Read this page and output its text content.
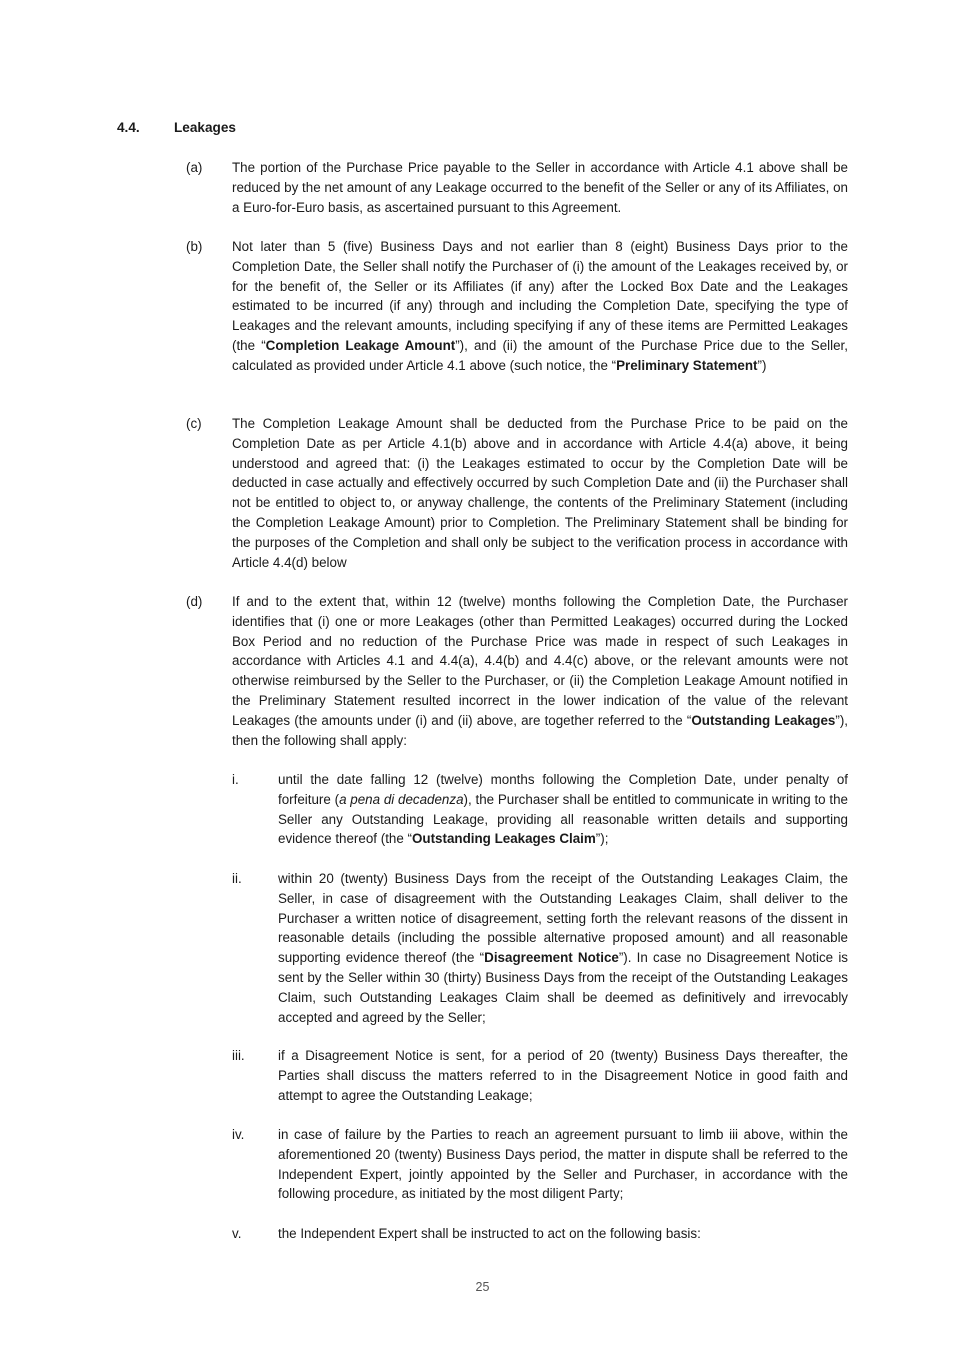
4.4.	Leakages
(a) The portion of the Purchase Price payable to the Seller in accordance with Article 4.1 above shall be reduced by the net amount of any Leakage occurred to the benefit of the Seller or any of its Affiliates, on a Euro-for-Euro basis, as ascertained pursuant to this Agreement.
(b) Not later than 5 (five) Business Days and not earlier than 8 (eight) Business Days prior to the Completion Date, the Seller shall notify the Purchaser of (i) the amount of the Leakages received by, or for the benefit of, the Seller or its Affiliates (if any) after the Locked Box Date and the Leakages estimated to be incurred (if any) through and including the Completion Date, specifying the type of Leakages and the relevant amounts, including specifying if any of these items are Permitted Leakages (the “Completion Leakage Amount”), and (ii) the amount of the Purchase Price due to the Seller, calculated as provided under Article 4.1 above (such notice, the “Preliminary Statement”)
(c) The Completion Leakage Amount shall be deducted from the Purchase Price to be paid on the Completion Date as per Article 4.1(b) above and in accordance with Article 4.4(a) above, it being understood and agreed that: (i) the Leakages estimated to occur by the Completion Date will be deducted in case actually and effectively occurred by such Completion Date and (ii) the Purchaser shall not be entitled to object to, or anyway challenge, the contents of the Preliminary Statement (including the Completion Leakage Amount) prior to Completion. The Preliminary Statement shall be binding for the purposes of the Completion and shall only be subject to the verification process in accordance with Article 4.4(d) below
(d) If and to the extent that, within 12 (twelve) months following the Completion Date, the Purchaser identifies that (i) one or more Leakages (other than Permitted Leakages) occurred during the Locked Box Period and no reduction of the Purchase Price was made in respect of such Leakages in accordance with Articles 4.1 and 4.4(a), 4.4(b) and 4.4(c) above, or the relevant amounts were not otherwise reimbursed by the Seller to the Purchaser, or (ii) the Completion Leakage Amount notified in the Preliminary Statement resulted incorrect in the lower indication of the value of the relevant Leakages (the amounts under (i) and (ii) above, are together referred to the “Outstanding Leakages”), then the following shall apply:
i.	until the date falling 12 (twelve) months following the Completion Date, under penalty of forfeiture (a pena di decadenza), the Purchaser shall be entitled to communicate in writing to the Seller any Outstanding Leakage, providing all reasonable written details and supporting evidence thereof (the “Outstanding Leakages Claim”);
ii.	within 20 (twenty) Business Days from the receipt of the Outstanding Leakages Claim, the Seller, in case of disagreement with the Outstanding Leakages Claim, shall deliver to the Purchaser a written notice of disagreement, setting forth the relevant reasons of the dissent in reasonable details (including the possible alternative proposed amount) and all reasonable supporting evidence thereof (the “Disagreement Notice”). In case no Disagreement Notice is sent by the Seller within 30 (thirty) Business Days from the receipt of the Outstanding Leakages Claim, such Outstanding Leakages Claim shall be deemed as definitively and irrevocably accepted and agreed by the Seller;
iii. if a Disagreement Notice is sent, for a period of 20 (twenty) Business Days thereafter, the Parties shall discuss the matters referred to in the Disagreement Notice in good faith and attempt to agree the Outstanding Leakage;
iv.	in case of failure by the Parties to reach an agreement pursuant to limb iii above, within the aforementioned 20 (twenty) Business Days period, the matter in dispute shall be referred to the Independent Expert, jointly appointed by the Seller and Purchaser, in accordance with the following procedure, as initiated by the most diligent Party;
v.	the Independent Expert shall be instructed to act on the following basis:
25
